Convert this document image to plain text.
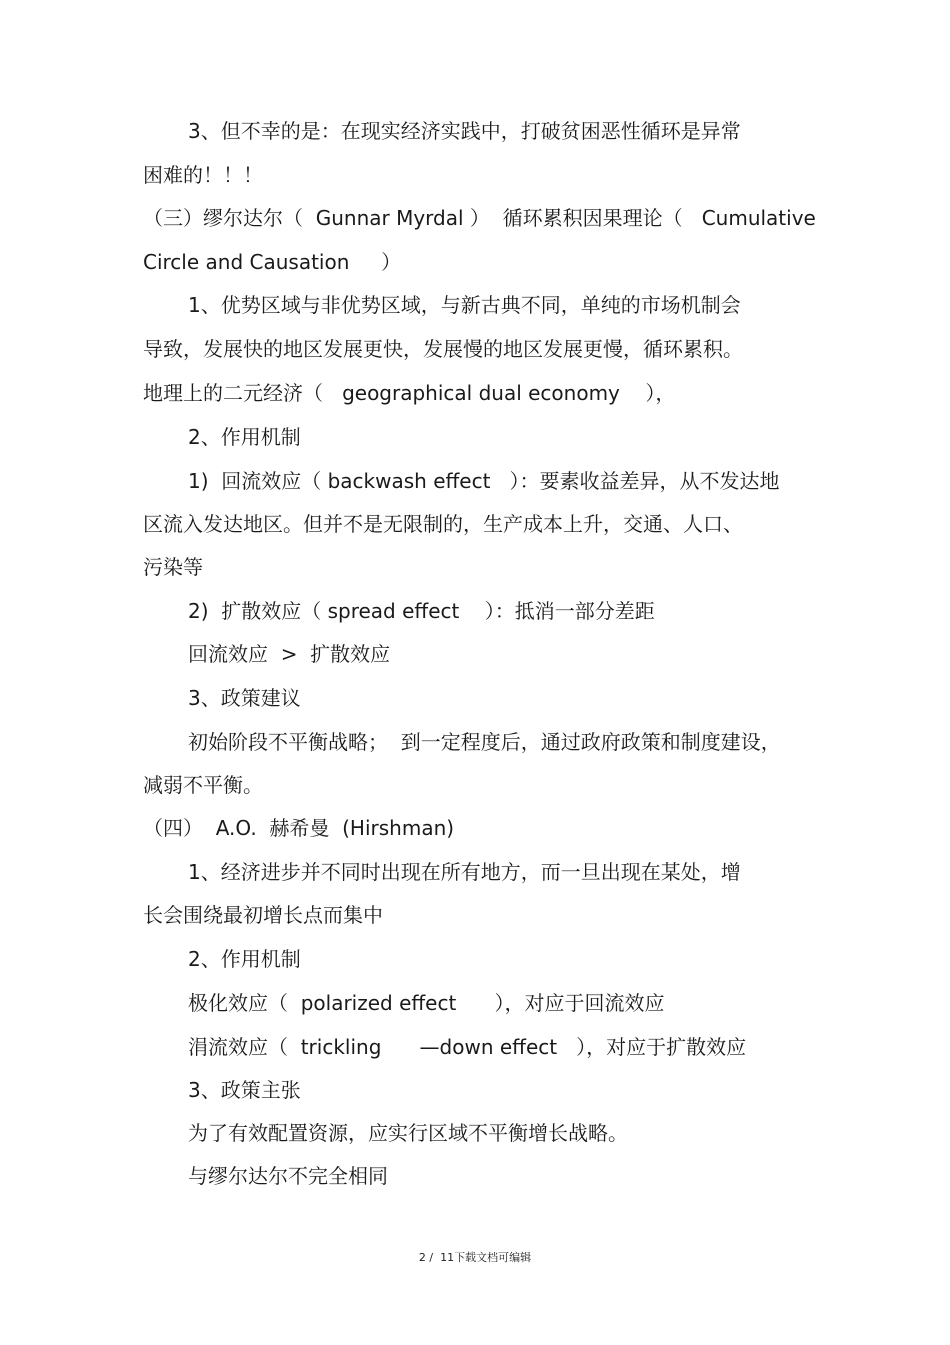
3、但不幸的是：在现实经济实践中，打破贫困恶性循环是异常
困难的！！！
（三）缪尔达尔（  Gunnar Myrdal ）  循环累积因果理论（   Cumulative
Circle and Causation     ）
1、优势区域与非优势区域，与新古典不同，单纯的市场机制会
导致，发展快的地区发展更快，发展慢的地区发展更慢，循环累积。
地理上的二元经济（   geographical dual economy    ），
2、作用机制
1)  回流效应（ backwash effect   ）：要素收益差异，从不发达地
区流入发达地区。但并不是无限制的，生产成本上升，交通、人口、
污染等
2)  扩散效应（ spread effect    ）：抵消一部分差距
回流效应  >  扩散效应
3、政策建议
初始阶段不平衡战略；  到一定程度后，通过政府政策和制度建设，
减弱不平衡。
（四）  A.O.  赫希曼  (Hirshman)
1、经济进步并不同时出现在所有地方，而一旦出现在某处，增
长会围绕最初增长点而集中
2、作用机制
极化效应（  polarized effect      ），对应于回流效应
涓流效应（  trickling      —down effect   ），对应于扩散效应
3、政策主张
为了有效配置资源，应实行区域不平衡增长战略。
与缪尔达尔不完全相同
2 /  11下载文档可编辑
